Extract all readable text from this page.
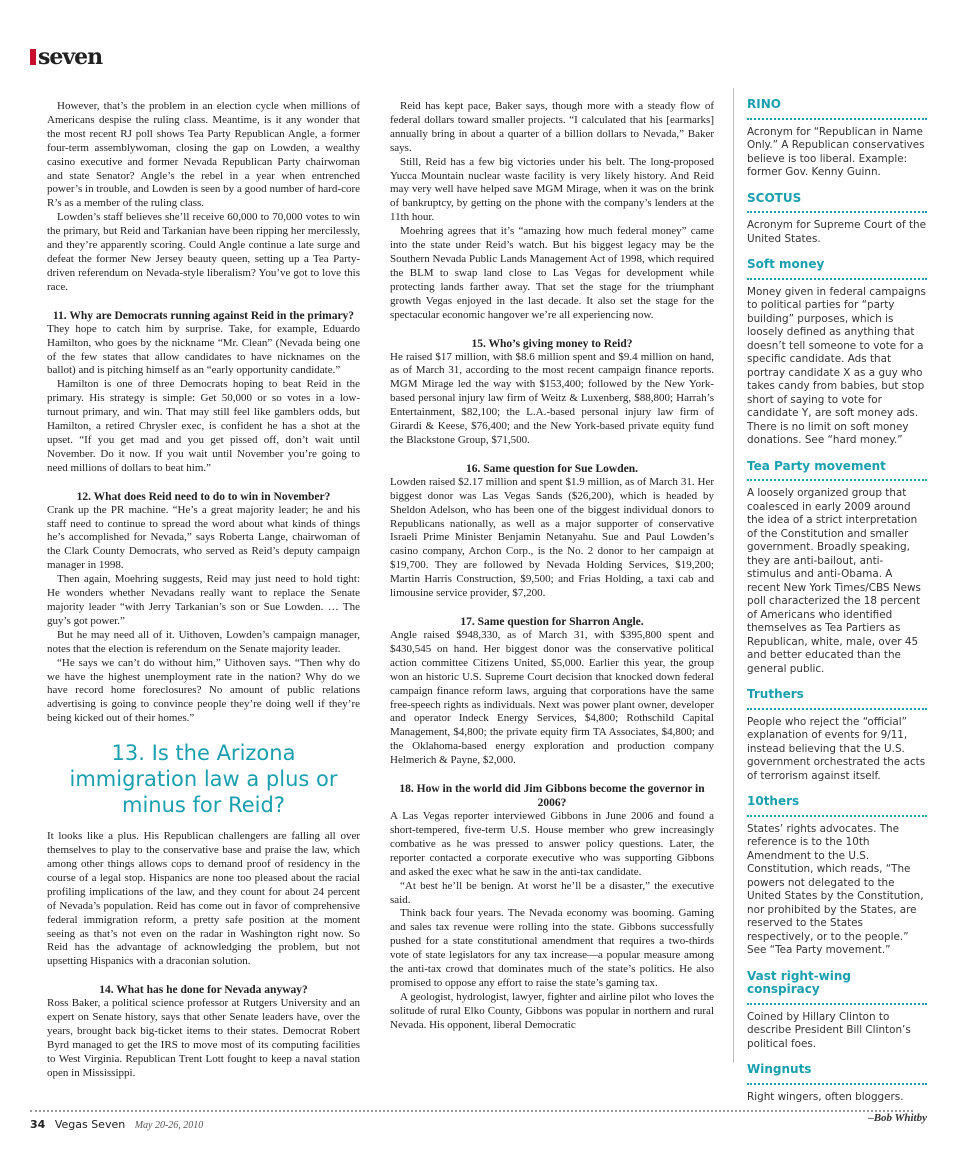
seven

However, that’s the problem in an election cycle when millions of Americans despise the ruling class. Meantime, is it any wonder that the most recent RJ poll shows Tea Party Republican Angle, a former four-term assemblywoman, closing the gap on Lowden, a wealthy casino executive and former Nevada Republican Party chairwoman and state Senator? Angle’s the rebel in a year when entrenched power’s in trouble, and Lowden is seen by a good number of hard-core R’s as a member of the ruling class.

Lowden’s staff believes she’ll receive 60,000 to 70,000 votes to win the primary, but Reid and Tarkanian have been ripping her mercilessly, and they’re apparently scoring. Could Angle continue a late surge and defeat the former New Jersey beauty queen, setting up a Tea Party-driven referendum on Nevada-style liberalism? You’ve got to love this race.

11. Why are Democrats running against Reid in the primary?

They hope to catch him by surprise. Take, for example, Eduardo Hamilton, who goes by the nickname “Mr. Clean” (Nevada being one of the few states that allow candidates to have nicknames on the ballot) and is pitching himself as an “early opportunity candidate.”

Hamilton is one of three Democrats hoping to beat Reid in the primary. His strategy is simple: Get 50,000 or so votes in a low-turnout primary, and win. That may still feel like gamblers odds, but Hamilton, a retired Chrysler exec, is confident he has a shot at the upset. “If you get mad and you get pissed off, don’t wait until November. Do it now. If you wait until November you’re going to need millions of dollars to beat him.”

12. What does Reid need to do to win in November?

Crank up the PR machine. “He’s a great majority leader; he and his staff need to continue to spread the word about what kinds of things he’s accomplished for Nevada,” says Roberta Lange, chairwoman of the Clark County Democrats, who served as Reid’s deputy campaign manager in 1998.

Then again, Moehring suggests, Reid may just need to hold tight: He wonders whether Nevadans really want to replace the Senate majority leader “with Jerry Tarkanian’s son or Sue Lowden. … The guy’s got power.”

But he may need all of it. Uithoven, Lowden’s campaign manager, notes that the election is referendum on the Senate majority leader.

“He says we can’t do without him,” Uithoven says. “Then why do we have the highest unemployment rate in the nation? Why do we have record home foreclosures? No amount of public relations advertising is going to convince people they’re doing well if they’re being kicked out of their homes.”

13. Is the Arizona immigration law a plus or minus for Reid?

It looks like a plus. His Republican challengers are falling all over themselves to play to the conservative base and praise the law, which among other things allows cops to demand proof of residency in the course of a legal stop. Hispanics are none too pleased about the racial profiling implications of the law, and they count for about 24 percent of Nevada’s population. Reid has come out in favor of comprehensive federal immigration reform, a pretty safe position at the moment seeing as that’s not even on the radar in Washington right now. So Reid has the advantage of acknowledging the problem, but not upsetting Hispanics with a draconian solution.

14. What has he done for Nevada anyway?

Ross Baker, a political science professor at Rutgers University and an expert on Senate history, says that other Senate leaders have, over the years, brought back big-ticket items to their states. Democrat Robert Byrd managed to get the IRS to move most of its computing facilities to West Virginia. Republican Trent Lott fought to keep a naval station open in Mississippi.

Reid has kept pace, Baker says, though more with a steady flow of federal dollars toward smaller projects. “I calculated that his [earmarks] annually bring in about a quarter of a billion dollars to Nevada,” Baker says.

Still, Reid has a few big victories under his belt. The long-proposed Yucca Mountain nuclear waste facility is very likely history. And Reid may very well have helped save MGM Mirage, when it was on the brink of bankruptcy, by getting on the phone with the company’s lenders at the 11th hour.

Moehring agrees that it’s “amazing how much federal money” came into the state under Reid’s watch. But his biggest legacy may be the Southern Nevada Public Lands Management Act of 1998, which required the BLM to swap land close to Las Vegas for development while protecting lands farther away. That set the stage for the triumphant growth Vegas enjoyed in the last decade. It also set the stage for the spectacular economic hangover we’re all experiencing now.

15. Who’s giving money to Reid?

He raised $17 million, with $8.6 million spent and $9.4 million on hand, as of March 31, according to the most recent campaign finance reports. MGM Mirage led the way with $153,400; followed by the New York-based personal injury law firm of Weitz & Luxenberg, $88,800; Harrah’s Entertainment, $82,100; the L.A.-based personal injury law firm of Girardi & Keese, $76,400; and the New York-based private equity fund the Blackstone Group, $71,500.

16. Same question for Sue Lowden.

Lowden raised $2.17 million and spent $1.9 million, as of March 31. Her biggest donor was Las Vegas Sands ($26,200), which is headed by Sheldon Adelson, who has been one of the biggest individual donors to Republicans nationally, as well as a major supporter of conservative Israeli Prime Minister Benjamin Netanyahu. Sue and Paul Lowden’s casino company, Archon Corp., is the No. 2 donor to her campaign at $19,700. They are followed by Nevada Holding Services, $19,200; Martin Harris Construction, $9,500; and Frias Holding, a taxi cab and limousine service provider, $7,200.

17. Same question for Sharron Angle.

Angle raised $948,330, as of March 31, with $395,800 spent and $430,545 on hand. Her biggest donor was the conservative political action committee Citizens United, $5,000. Earlier this year, the group won an historic U.S. Supreme Court decision that knocked down federal campaign finance reform laws, arguing that corporations have the same free-speech rights as individuals. Next was power plant owner, developer and operator Indeck Energy Services, $4,800; Rothschild Capital Management, $4,800; the private equity firm TA Associates, $4,800; and the Oklahoma-based energy exploration and production company Helmerich & Payne, $2,000.

18. How in the world did Jim Gibbons become the governor in 2006?

A Las Vegas reporter interviewed Gibbons in June 2006 and found a short-tempered, five-term U.S. House member who grew increasingly combative as he was pressed to answer policy questions. Later, the reporter contacted a corporate executive who was supporting Gibbons and asked the exec what he saw in the anti-tax candidate.

“At best he’ll be benign. At worst he’ll be a disaster,” the executive said.

Think back four years. The Nevada economy was booming. Gaming and sales tax revenue were rolling into the state. Gibbons successfully pushed for a state constitutional amendment that requires a two-thirds vote of state legislators for any tax increase—a popular measure among the anti-tax crowd that dominates much of the state’s politics. He also promised to oppose any effort to raise the state’s gaming tax.

A geologist, hydrologist, lawyer, fighter and airline pilot who loves the solitude of rural Elko County, Gibbons was popular in northern and rural Nevada. His opponent, liberal Democratic

RINO
Acronym for “Republican in Name Only.” A Republican conservatives believe is too liberal. Example: former Gov. Kenny Guinn.
SCOTUS
Acronym for Supreme Court of the United States.
Soft money
Money given in federal campaigns to political parties for “party building” purposes, which is loosely defined as anything that doesn’t tell someone to vote for a specific candidate. Ads that portray candidate X as a guy who takes candy from babies, but stop short of saying to vote for candidate Y, are soft money ads. There is no limit on soft money donations. See “hard money.”
Tea Party movement
A loosely organized group that coalesced in early 2009 around the idea of a strict interpretation of the Constitution and smaller government. Broadly speaking, they are anti-bailout, anti-stimulus and anti-Obama. A recent New York Times/CBS News poll characterized the 18 percent of Americans who identified themselves as Tea Partiers as Republican, white, male, over 45 and better educated than the general public.
Truthers
People who reject the “official” explanation of events for 9/11, instead believing that the U.S. government orchestrated the acts of terrorism against itself.
10thers
States’ rights advocates. The reference is to the 10th Amendment to the U.S. Constitution, which reads, “The powers not delegated to the United States by the Constitution, nor prohibited by the States, are reserved to the States respectively, or to the people.” See “Tea Party movement.”
Vast right-wing conspiracy
Coined by Hillary Clinton to describe President Bill Clinton’s political foes.
Wingnuts
Right wingers, often bloggers.
–Bob Whitby
34 Vegas Seven May 20-26, 2010
